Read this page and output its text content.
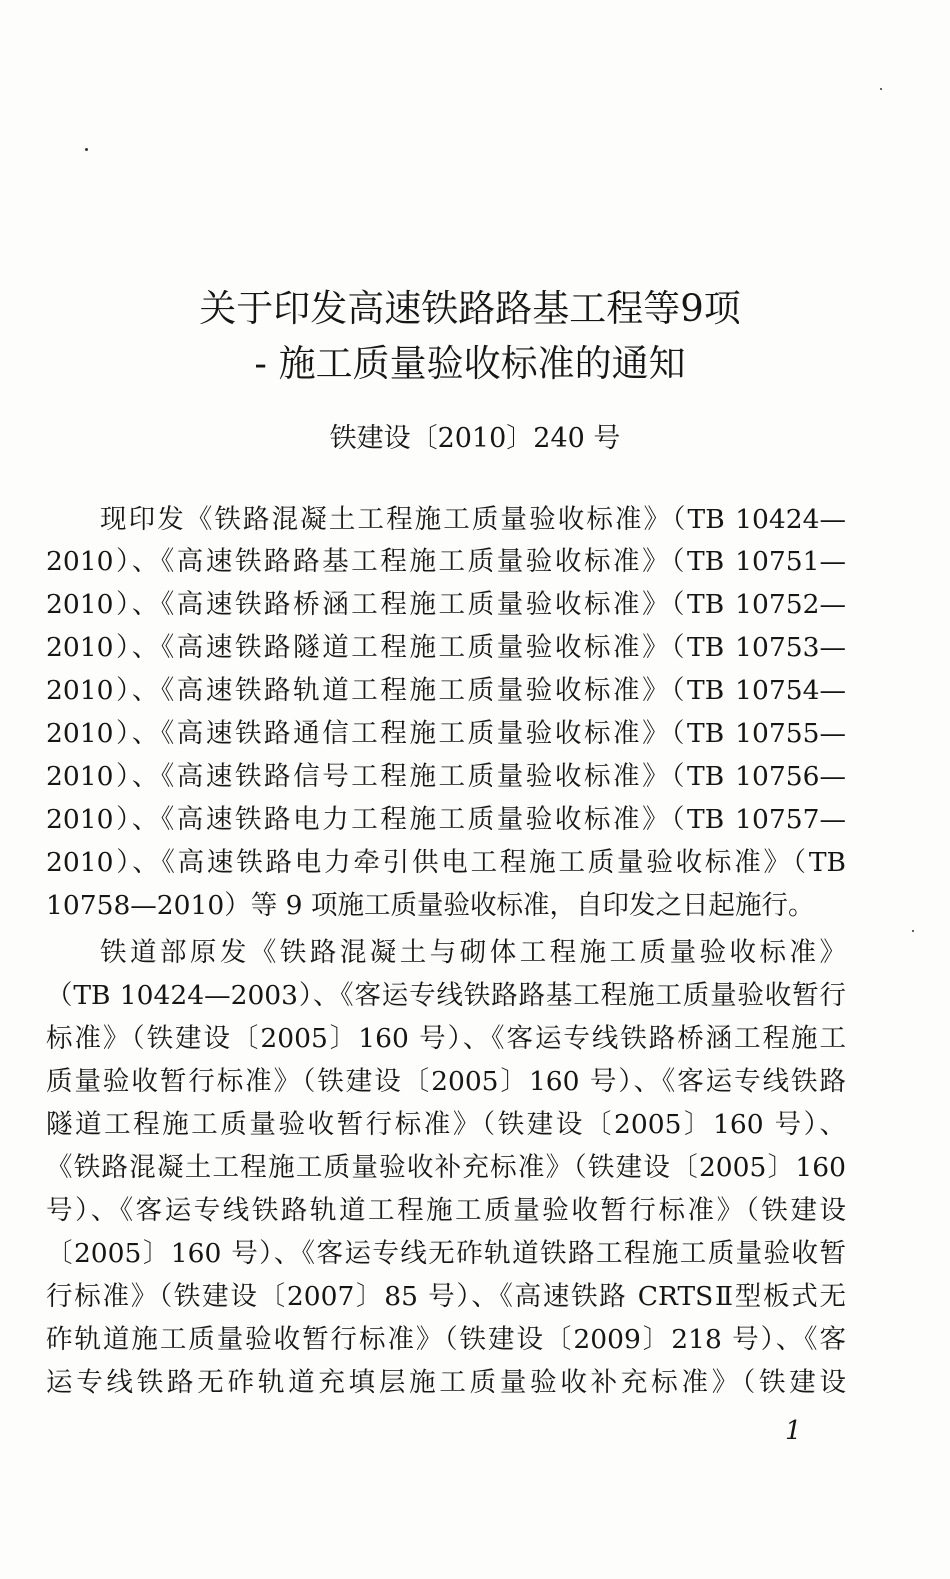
关于印发高速铁路路基工程等9项
- 施工质量验收标准的通知
铁建设〔2010〕240 号
现印发《铁路混凝土工程施工质量验收标准》（TB 10424—
2010）、《高速铁路路基工程施工质量验收标准》（TB 10751—
2010）、《高速铁路桥涵工程施工质量验收标准》（TB 10752—
2010）、《高速铁路隧道工程施工质量验收标准》（TB 10753—
2010）、《高速铁路轨道工程施工质量验收标准》（TB 10754—
2010）、《高速铁路通信工程施工质量验收标准》（TB 10755—
2010）、《高速铁路信号工程施工质量验收标准》（TB 10756—
2010）、《高速铁路电力工程施工质量验收标准》（TB 10757—
2010）、《高速铁路电力牵引供电工程施工质量验收标准》（TB
10758—2010）等 9 项施工质量验收标准，自印发之日起施行。
铁道部原发《铁路混凝土与砌体工程施工质量验收标准》
（TB 10424—2003）、《客运专线铁路路基工程施工质量验收暂行
标准》（铁建设〔2005〕160 号）、《客运专线铁路桥涵工程施工
质量验收暂行标准》（铁建设〔2005〕160 号）、《客运专线铁路
隧道工程施工质量验收暂行标准》（铁建设〔2005〕160 号）、
《铁路混凝土工程施工质量验收补充标准》（铁建设〔2005〕160
号）、《客运专线铁路轨道工程施工质量验收暂行标准》（铁建设
〔2005〕160 号）、《客运专线无砟轨道铁路工程施工质量验收暂
行标准》（铁建设〔2007〕85 号）、《高速铁路 CRTSⅡ型板式无
砟轨道施工质量验收暂行标准》（铁建设〔2009〕218 号）、《客
运专线铁路无砟轨道充填层施工质量验收补充标准》（铁建设
1
